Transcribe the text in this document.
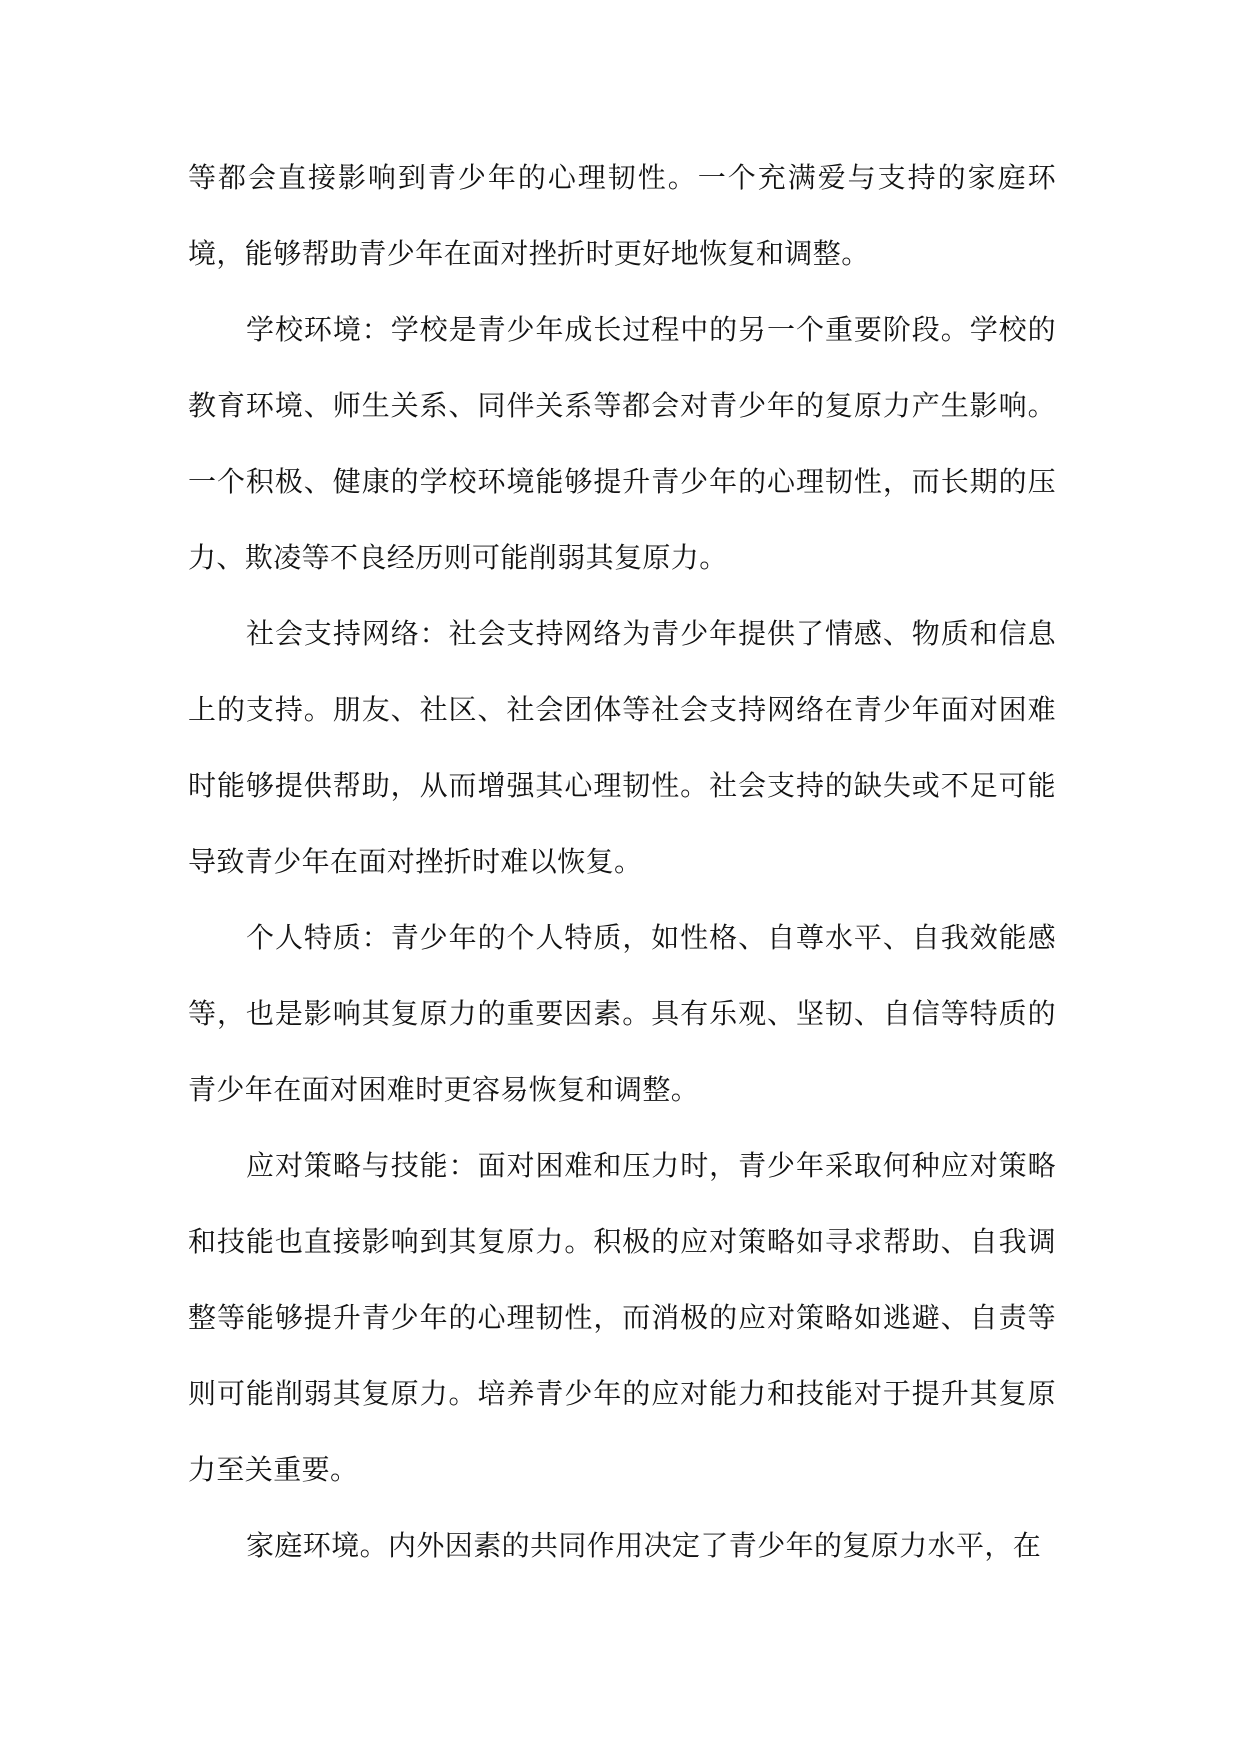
等都会直接影响到青少年的心理韧性。一个充满爱与支持的家庭环境，能够帮助青少年在面对挫折时更好地恢复和调整。

学校环境：学校是青少年成长过程中的另一个重要阶段。学校的教育环境、师生关系、同伴关系等都会对青少年的复原力产生影响。一个积极、健康的学校环境能够提升青少年的心理韧性，而长期的压力、欺凌等不良经历则可能削弱其复原力。

社会支持网络：社会支持网络为青少年提供了情感、物质和信息上的支持。朋友、社区、社会团体等社会支持网络在青少年面对困难时能够提供帮助，从而增强其心理韧性。社会支持的缺失或不足可能导致青少年在面对挫折时难以恢复。

个人特质：青少年的个人特质，如性格、自尊水平、自我效能感等，也是影响其复原力的重要因素。具有乐观、坚韧、自信等特质的青少年在面对困难时更容易恢复和调整。

应对策略与技能：面对困难和压力时，青少年采取何种应对策略和技能也直接影响到其复原力。积极的应对策略如寻求帮助、自我调整等能够提升青少年的心理韧性，而消极的应对策略如逃避、自责等则可能削弱其复原力。培养青少年的应对能力和技能对于提升其复原力至关重要。

家庭环境。内外因素的共同作用决定了青少年的复原力水平，在
